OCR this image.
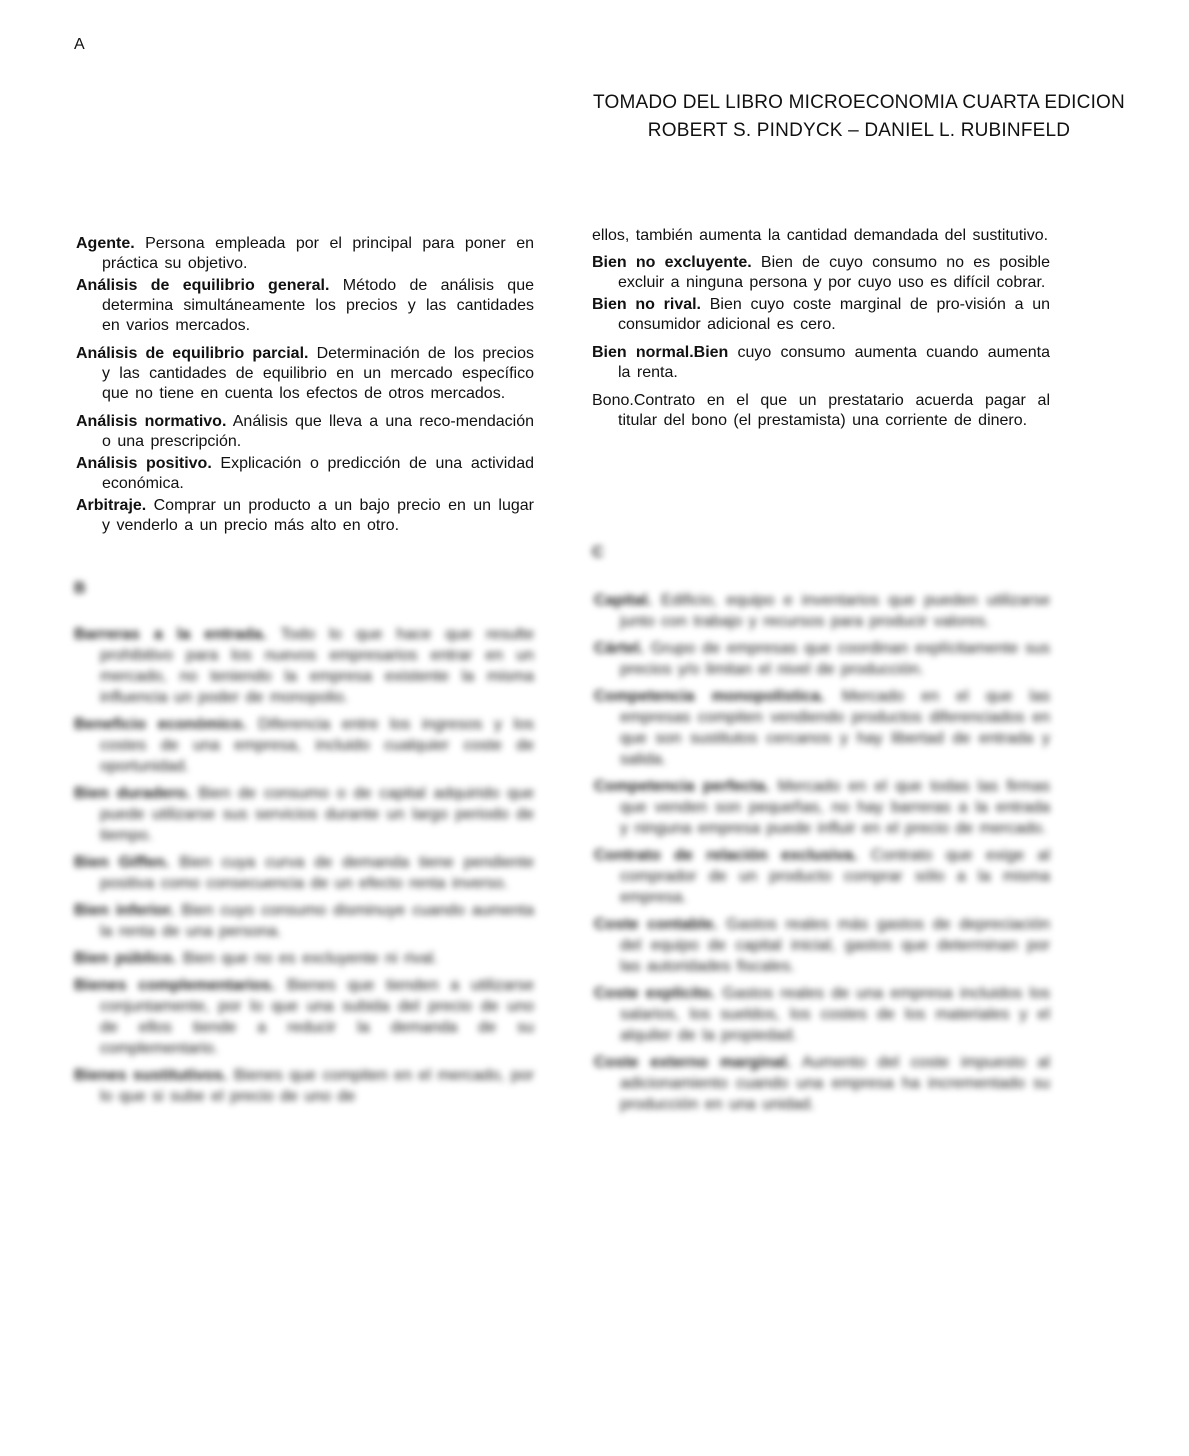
A
TOMADO DEL LIBRO MICROECONOMIA CUARTA EDICION
ROBERT S. PINDYCK – DANIEL L. RUBINFELD

Agente. Persona empleada por el principal para poner en práctica su objetivo.

Análisis de equilibrio general. Método de análisis que determina simultáneamente los precios y las cantidades en varios mercados.

Análisis de equilibrio parcial. Determinación de los precios y las cantidades de equilibrio en un mercado específico que no tiene en cuenta los efectos de otros mercados.

Análisis normativo. Análisis que lleva a una reco-mendación o una prescripción.

Análisis positivo. Explicación o predicción de una actividad económica.

Arbitraje. Comprar un producto a un bajo precio en un lugar y venderlo a un precio más alto en otro.

ellos, también aumenta la cantidad demandada del sustitutivo.

Bien no excluyente. Bien de cuyo consumo no es posible excluir a ninguna persona y por cuyo uso es difícil cobrar.

Bien no rival. Bien cuyo coste marginal de pro-visión a un consumidor adicional es cero.

Bien normal.Bien cuyo consumo aumenta cuando aumenta la renta.

Bono.Contrato en el que un prestatario acuerda pagar al titular del bono (el prestamista) una corriente de dinero.

B

Barreras a la entrada. Todo lo que hace que resulte prohibitivo para los nuevos empresarios entrar en un mercado, no teniendo la empresa existente la misma influencia un poder de monopolio.

Beneficio económico. Diferencia entre los ingresos y los costes de una empresa, incluido cualquier coste de oportunidad.

Bien duradero. Bien de consumo o de capital adquirido que puede utilizarse sus servicios durante un largo periodo de tiempo.

Bien Giffen. Bien cuya curva de demanda tiene pendiente positiva como consecuencia de un efecto renta inverso.

Bien inferior. Bien cuyo consumo disminuye cuando aumenta la renta de una persona.

Bien público. Bien que no es excluyente ni rival.

Bienes complementarios. Bienes que tienden a utilizarse conjuntamente, por lo que una subida del precio de uno de ellos tiende a reducir la demanda de su complementario.

Bienes sustitutivos. Bienes que compiten en el mercado, por lo que si sube el precio de uno de

C

Capital. Edificio, equipo e inventarios que pueden utilizarse junto con trabajo y recursos para producir valores.

Cártel. Grupo de empresas que coordinan explícitamente sus precios y/o limitan el nivel de producción.

Competencia monopolística. Mercado en el que las empresas compiten vendiendo productos diferenciados en que son sustitutos cercanos y hay libertad de entrada y salida.

Competencia perfecta. Mercado en el que todas las firmas que venden son pequeñas, no hay barreras a la entrada y ninguna empresa puede influir en el precio de mercado.

Contrato de relación exclusiva. Contrato que exige al comprador de un producto comprar sólo a la misma empresa.

Coste contable. Gastos reales más gastos de depreciación del equipo de capital inicial, gastos que determinan por las autoridades fiscales.

Coste explícito. Gastos reales de una empresa incluidos los salarios, los sueldos, los costes de los materiales y el alquiler de la propiedad.

Coste externo marginal. Aumento del coste impuesto al adicionamiento cuando una empresa ha incrementado su producción en una unidad.
